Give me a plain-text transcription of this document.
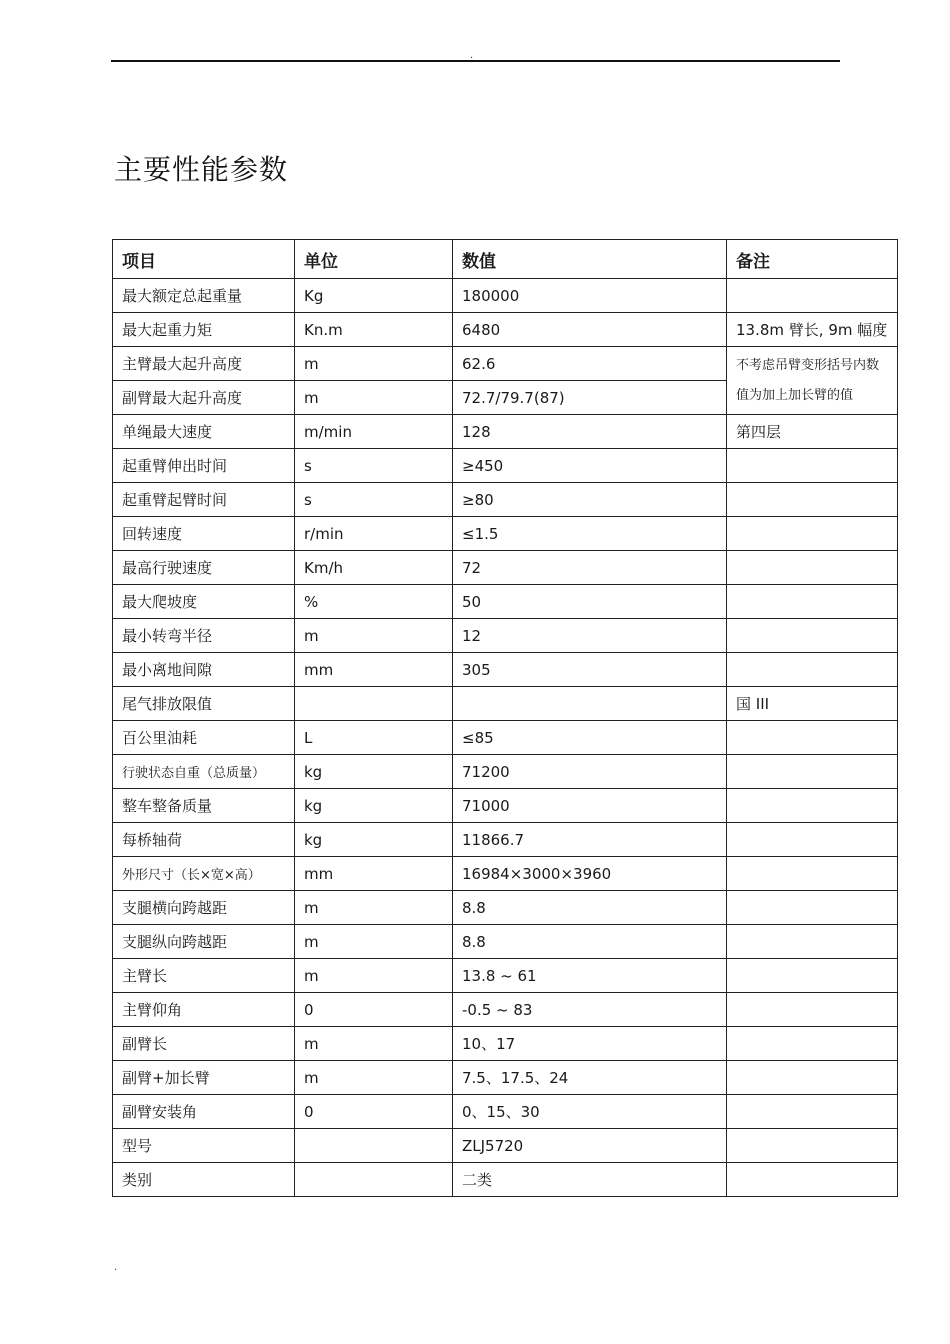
.
主要性能参数
项目	单位	数值	备注
最大额定总起重量	Kg	180000	
最大起重力矩	Kn.m	6480	13.8m 臂长, 9m 幅度
主臂最大起升高度	m	62.6	不考虑吊臂变形括号内数值为加上加长臂的值
副臂最大起升高度	m	72.7/79.7(87)	
单绳最大速度	m/min	128	第四层
起重臂伸出时间	s	≥450	
起重臂起臂时间	s	≥80	
回转速度	r/min	≤1.5	
最高行驶速度	Km/h	72	
最大爬坡度	%	50	
最小转弯半径	m	12	
最小离地间隙	mm	305	
尾气排放限值			国 III
百公里油耗	L	≤85	
行驶状态自重（总质量）	kg	71200	
整车整备质量	kg	71000	
每桥轴荷	kg	11866.7	
外形尺寸（长×宽×高）	mm	16984×3000×3960	
支腿横向跨越距	m	8.8	
支腿纵向跨越距	m	8.8	
主臂长	m	13.8 ~ 61	
主臂仰角	0	-0.5 ~ 83	
副臂长	m	10、17	
副臂+加长臂	m	7.5、17.5、24	
副臂安装角	0	0、15、30	
型号		ZLJ5720	
类别		二类	
.
